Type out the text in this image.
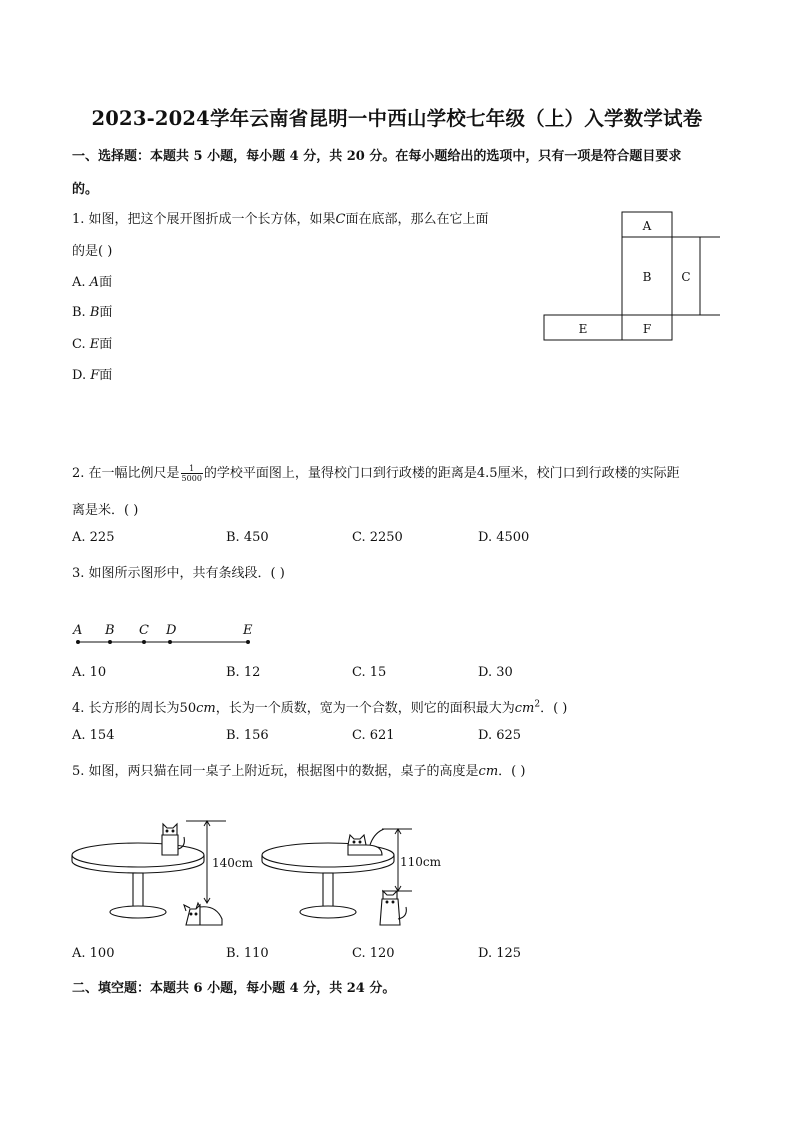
2023-2024学年云南省昆明一中西山学校七年级（上）入学数学试卷
一、选择题：本题共 5 小题，每小题 4 分，共 20 分。在每小题给出的选项中，只有一项是符合题目要求
的。
1. 如图，把这个展开图折成一个长方体，如果C面在底部，那么在它上面
的是( )
A. A面
B. B面
C. E面
D. F面
A
B C
E	F
2. 在一幅比例尺是 $\frac{1}{5000}$ 的学校平面图上，量得校门口到行政楼的距离是4.5厘米，校门口到行政楼的实际距
离是米．( )
A. 225	B. 450	C. 2250	D. 4500
3. 如图所示图形中，共有条线段．( )
A B C D	E
A. 10	B. 12	C. 15	D. 30
4. 长方形的周长为50cm，长为一个质数，宽为一个合数，则它的面积最大为$cm^2$．( )
A. 154	B. 156	C. 621	D. 625
5. 如图，两只猫在同一桌子上附近玩，根据图中的数据，桌子的高度是cm．( )
140cm	110cm
A. 100	B. 110	C. 120	D. 125
二、填空题：本题共 6 小题，每小题 4 分，共 24 分。
